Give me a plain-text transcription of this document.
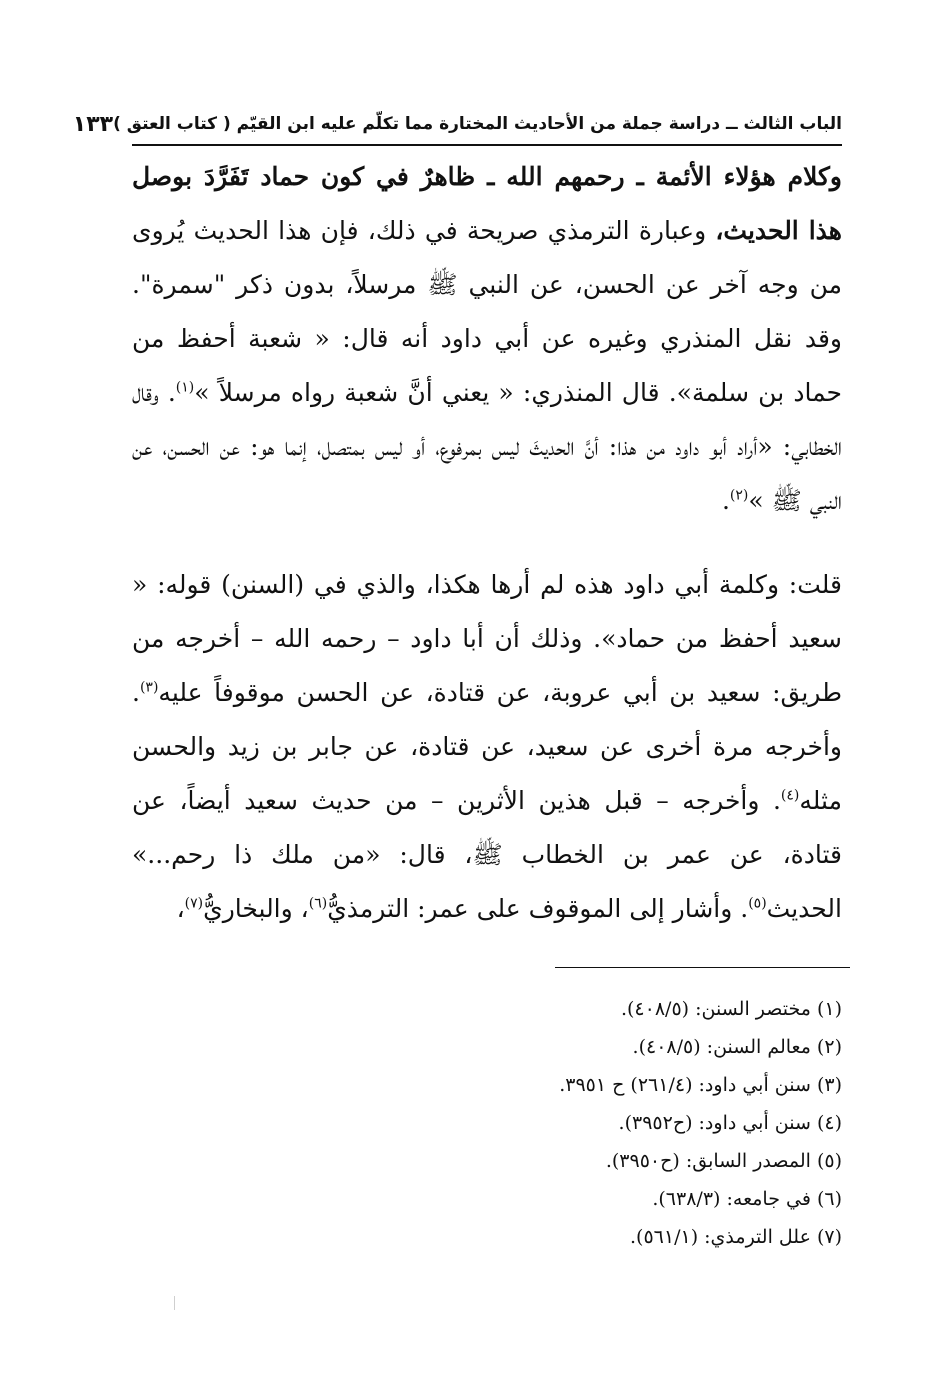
الباب الثالث ــ دراسة جملة من الأحاديث المختارة مما تكلّم عليه ابن القيّم ( كتاب العتق )
١٣٣

وكلام هؤلاء الأئمة ـ رحمهم الله ـ ظاهرٌ في كون حماد تَفَرَّدَ بوصل هذا الحديث، وعبارة الترمذي صريحة في ذلك، فإن هذا الحديث يُروى من وجه آخر عن الحسن، عن النبي ﷺ مرسلاً، بدون ذكر "سمرة". وقد نقل المنذري وغيره عن أبي داود أنه قال: « شعبة أحفظ من حماد بن سلمة». قال المنذري: « يعني أنَّ شعبة رواه مرسلاً »$^{(١)}$. وقال الخطابي: «أراد أبو داود من هذا: أنَّ الحديثَ ليس بمرفوع، أو ليس بمتصل، إنما هو: عن الحسن، عن النبي ﷺ »$^{(٢)}$.

قلت: وكلمة أبي داود هذه لم أرها هكذا، والذي في (السنن) قوله: « سعيد أحفظ من حماد». وذلك أن أبا داود – رحمه الله – أخرجه من طريق: سعيد بن أبي عروبة، عن قتادة، عن الحسن موقوفاً عليه$^{(٣)}$. وأخرجه مرة أخرى عن سعيد، عن قتادة، عن جابر بن زيد والحسن مثله$^{(٤)}$. وأخرجه – قبل هذين الأثرين – من حديث سعيد أيضاً، عن قتادة، عن عمر بن الخطاب ﷺ، قال: «من ملك ذا رحم...» الحديث$^{(٥)}$. وأشار إلى الموقوف على عمر: الترمذيُّ$^{(٦)}$، والبخاريُّ$^{(٧)}$،

(١) مختصر السنن: (٤٠٨/٥).
(٢) معالم السنن: (٤٠٨/٥).
(٣) سنن أبي داود: (٢٦١/٤) ح ٣٩٥١.
(٤) سنن أبي داود: (ح٣٩٥٢).
(٥) المصدر السابق: (ح٣٩٥٠).
(٦) في جامعه: (٦٣٨/٣).
(٧) علل الترمذي: (٥٦١/١).
